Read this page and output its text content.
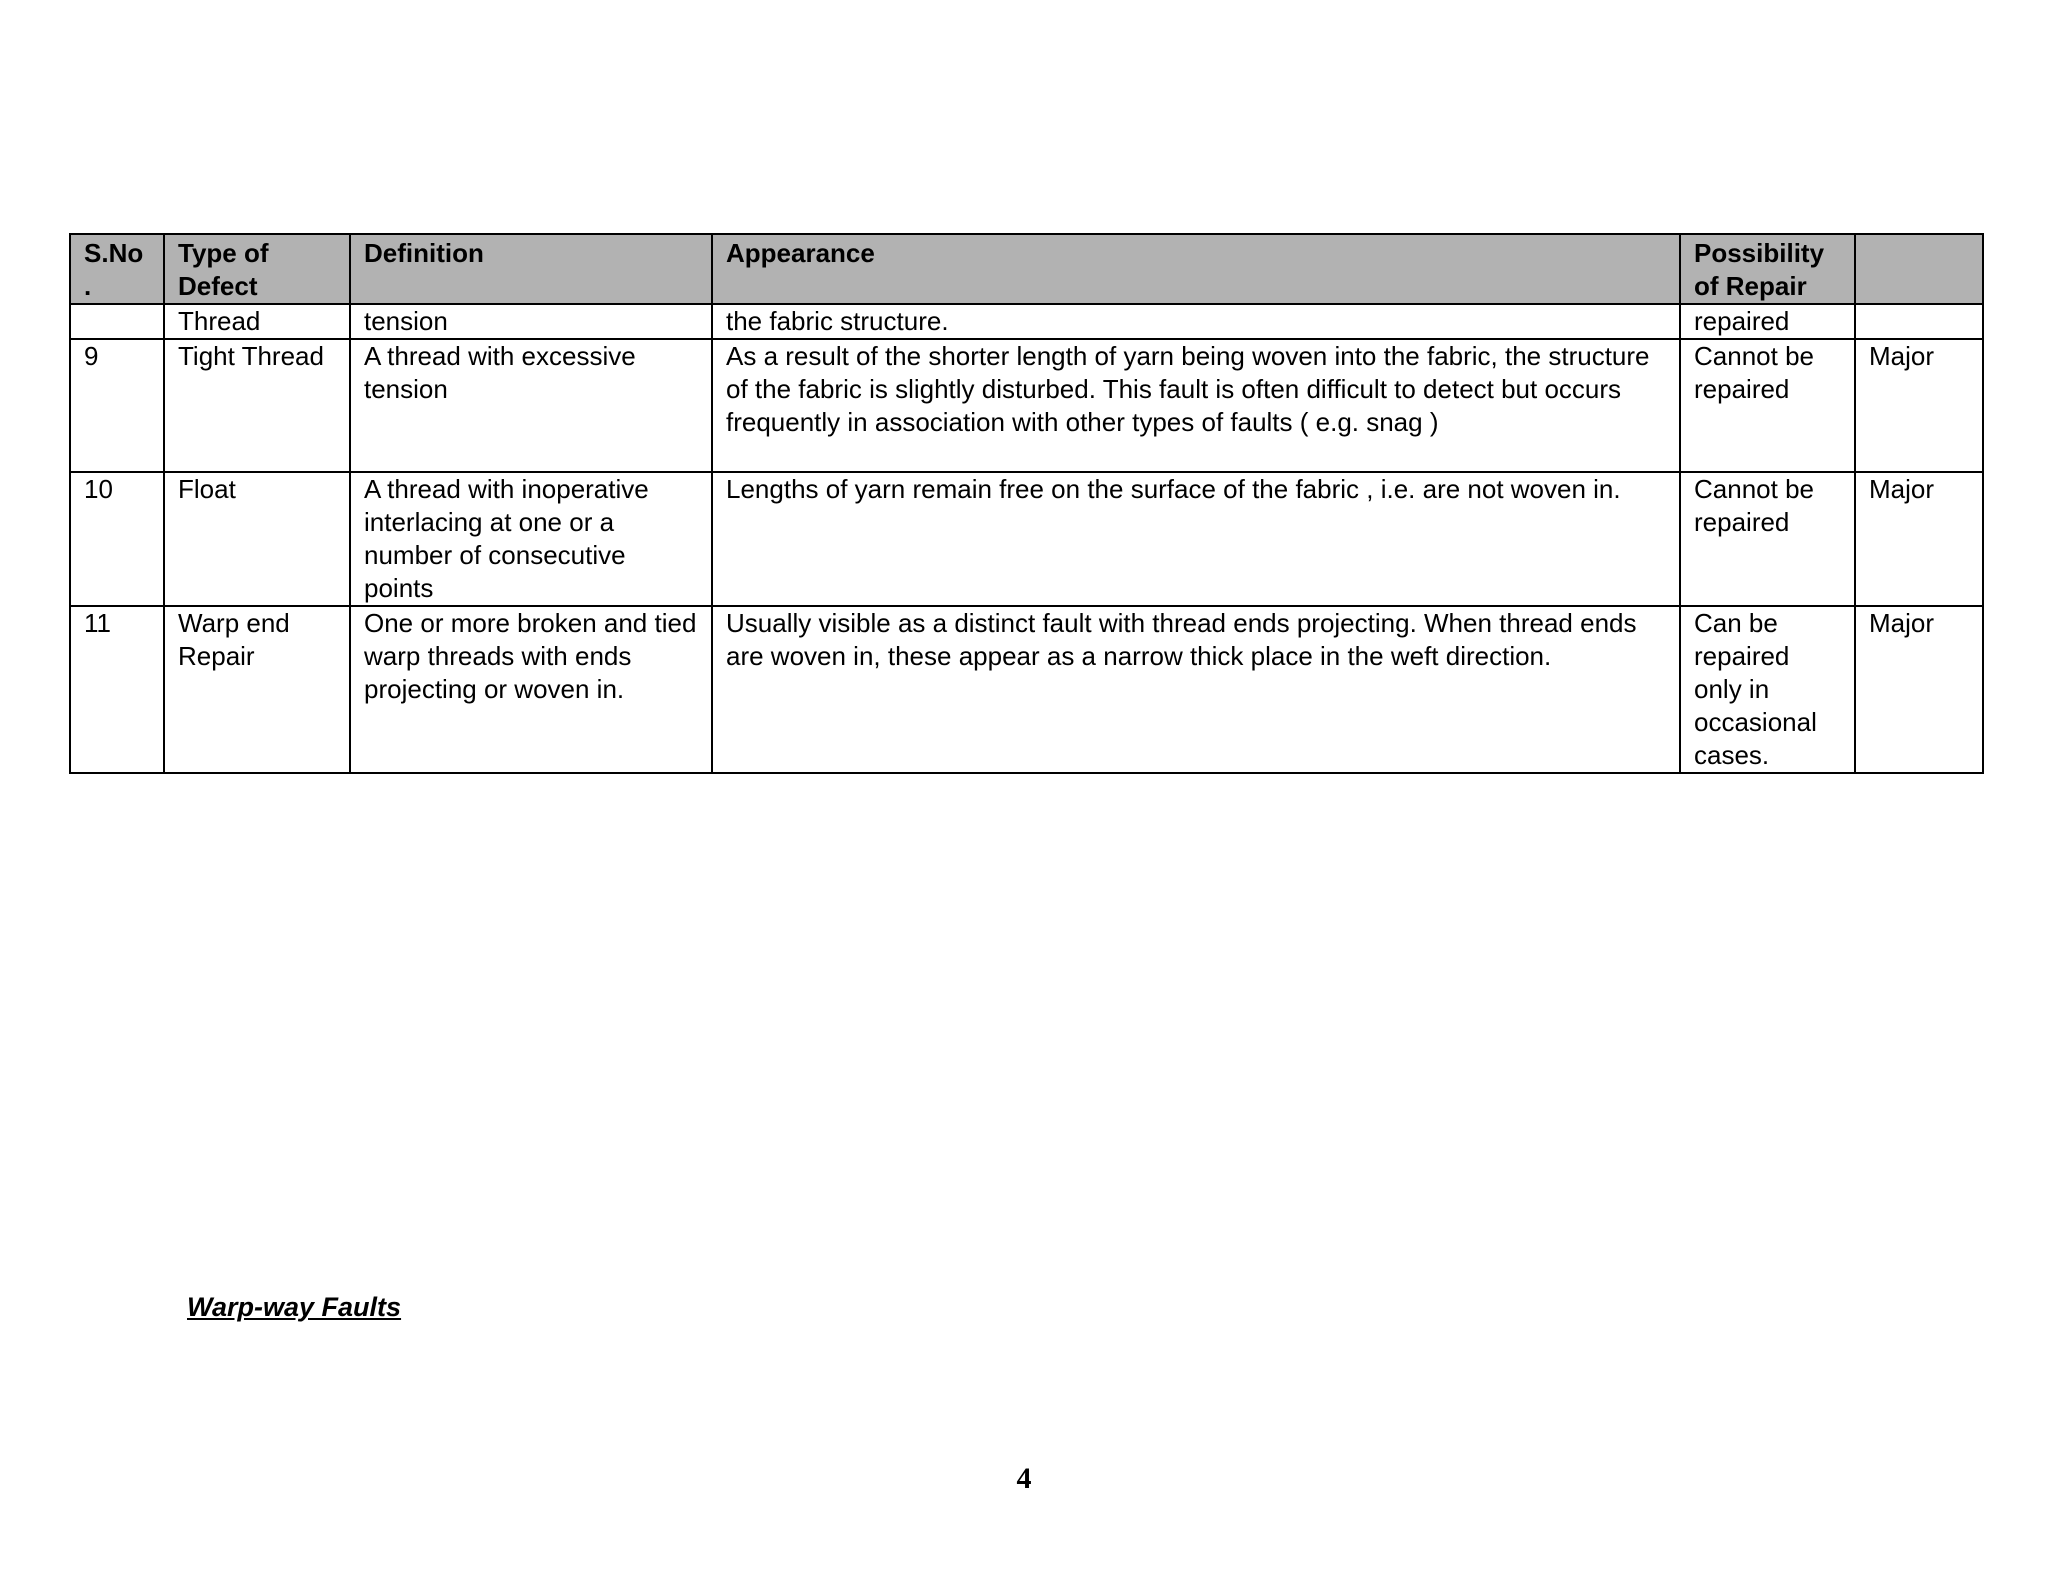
S.No .	Type of Defect	Definition	Appearance	Possibility of Repair	
	Thread	tension	the fabric structure.	repaired	
9	Tight Thread	A thread with excessive tension	As a result of the shorter length of yarn being woven into the fabric, the structure of the fabric is slightly disturbed. This fault is often difficult to detect but occurs frequently in association with other types of faults ( e.g. snag )	Cannot be repaired	Major
10	Float	A thread with inoperative interlacing at one or a number of consecutive points	Lengths of yarn remain free on the surface of the fabric , i.e. are not woven in.	Cannot be repaired	Major
11	Warp end Repair	One or more broken and tied warp threads with ends projecting or woven in.	Usually visible as a distinct fault with thread ends projecting. When thread ends are woven in, these appear as a narrow thick place in the weft direction.	Can be repaired only in occasional cases.	Major
Warp-way Faults
4
